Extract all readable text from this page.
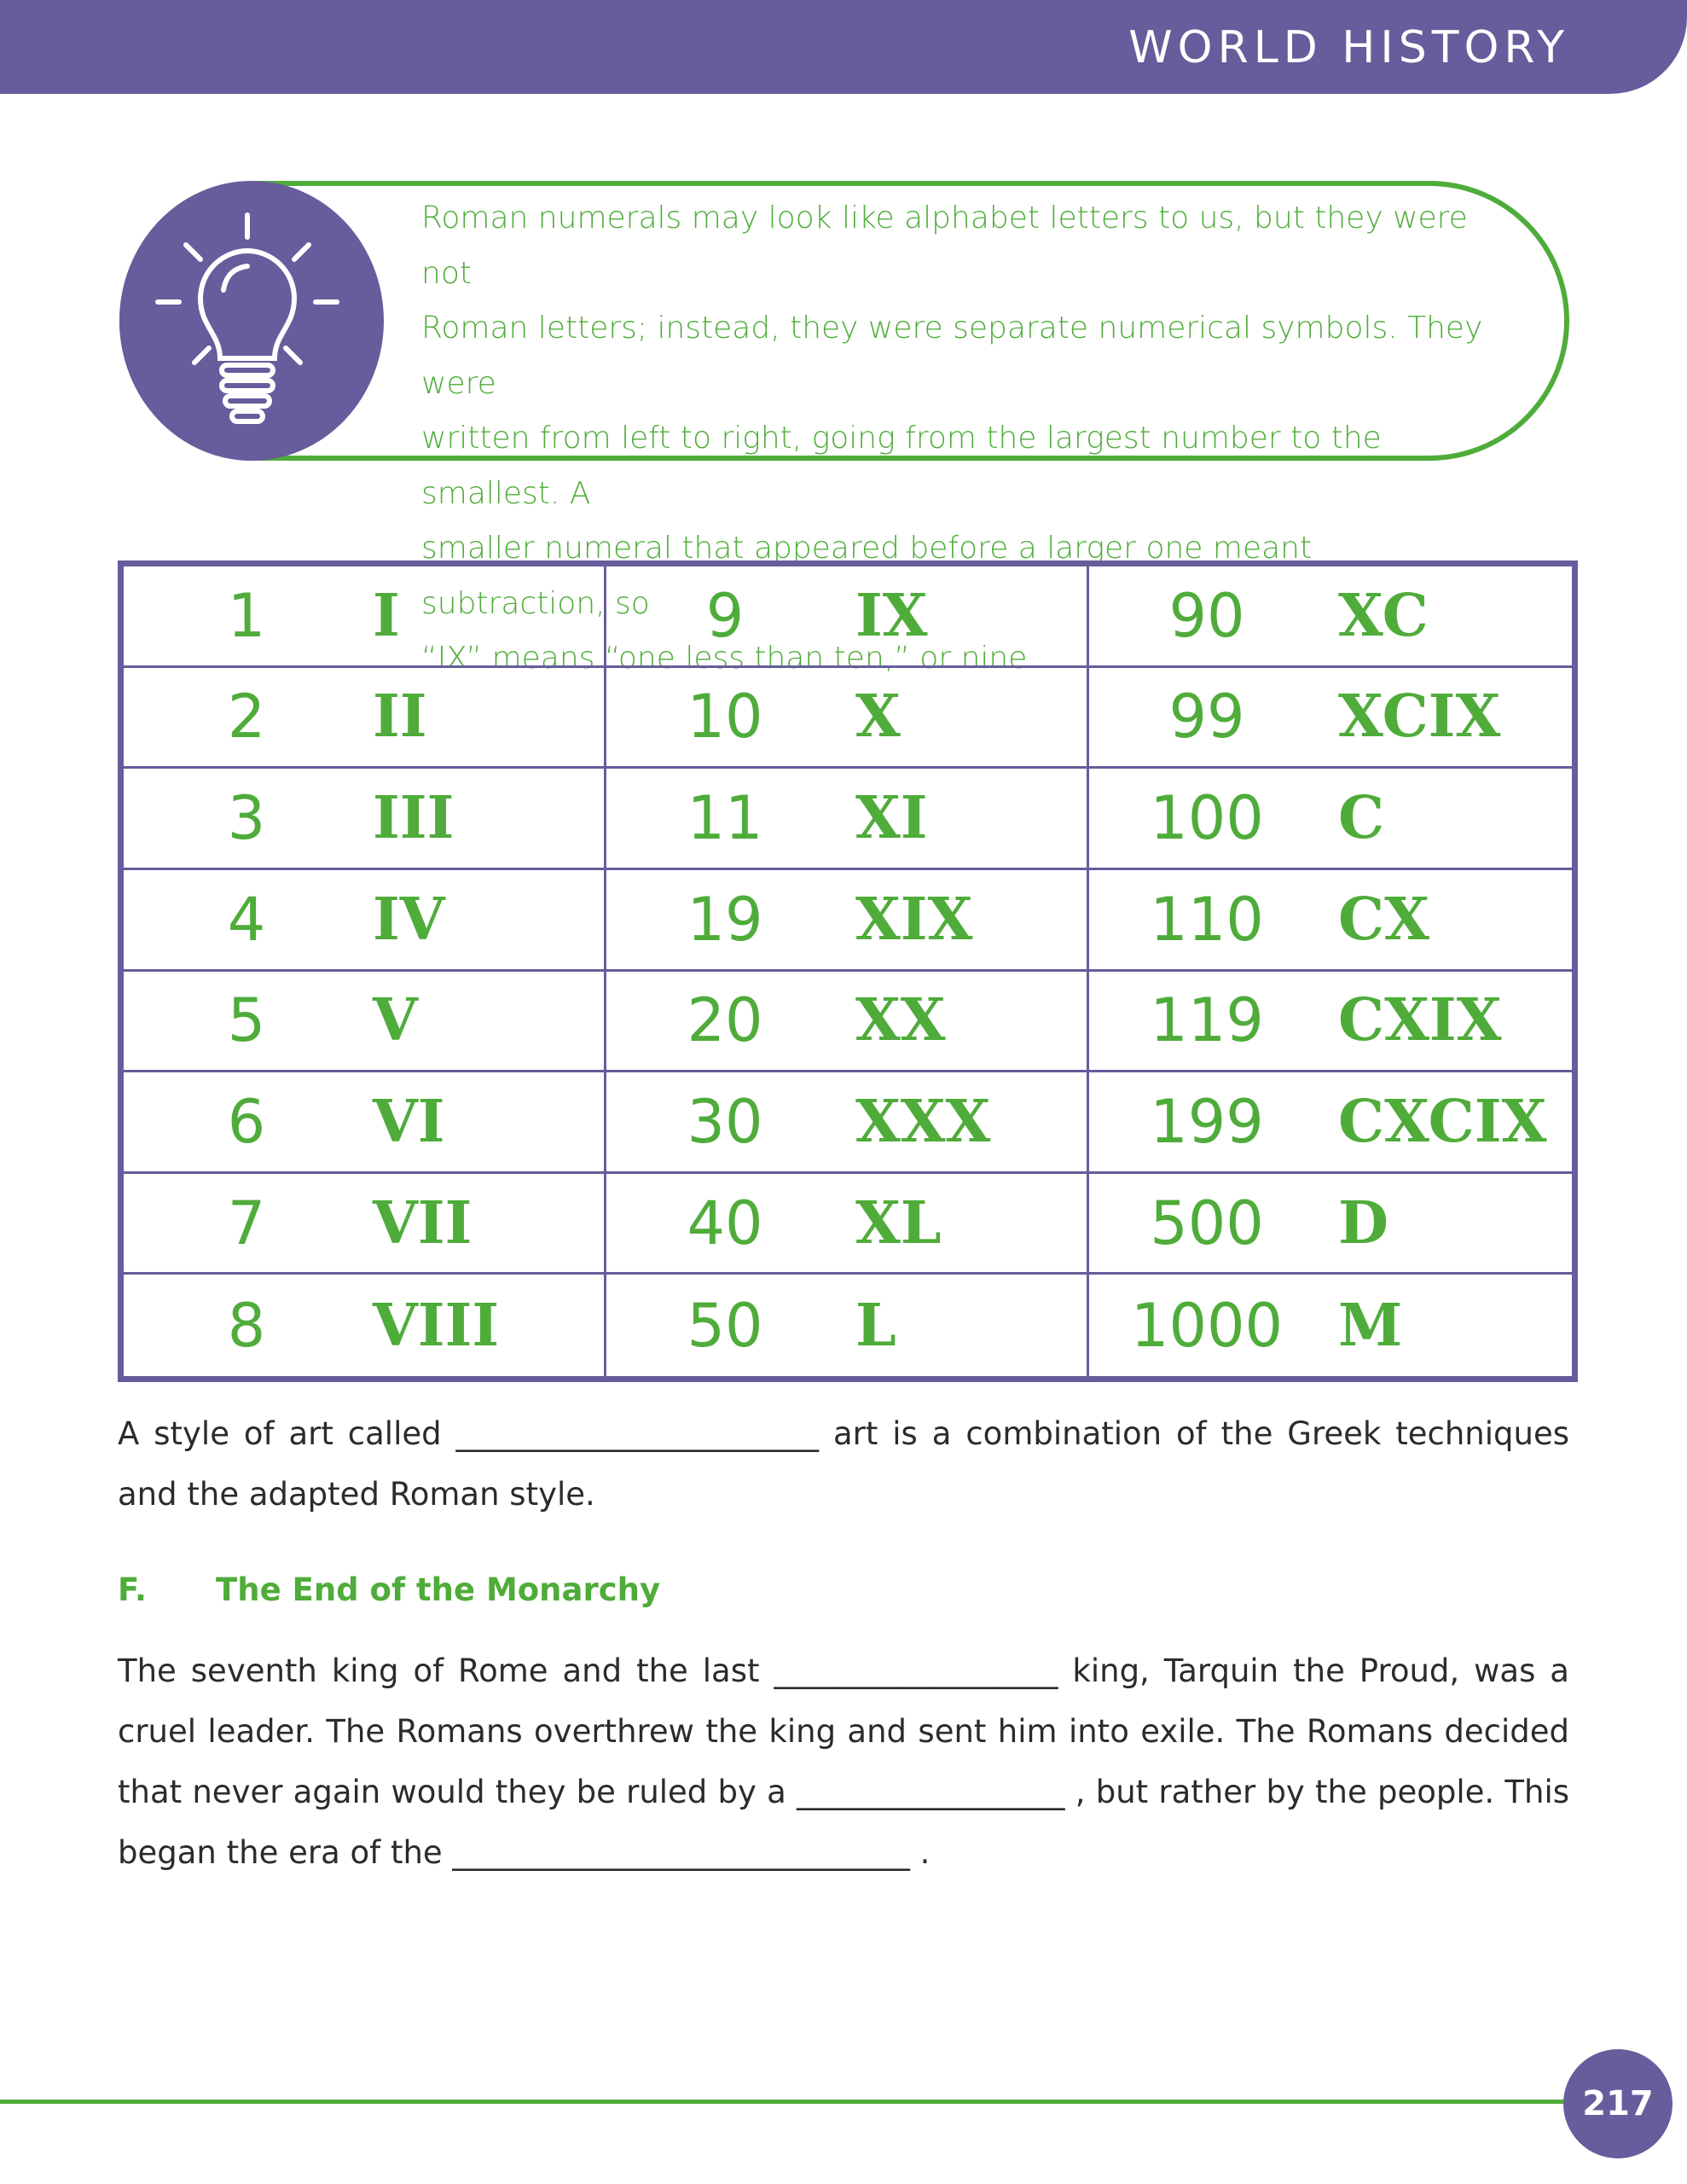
WORLD HISTORY
Roman numerals may look like alphabet letters to us, but they were not
Roman letters; instead, they were separate numerical symbols. They were
written from left to right, going from the largest number to the smallest. A
smaller numeral that appeared before a larger one meant subtraction, so
“IX” means “one less than ten,” or nine.
1 I	9 IX	90 XC
2 II	10 X	99 XCIX
3 III	11 XI	100 C
4 IV	19 XIX	110 CX
5 V	20 XX	119 CXIX
6 VI	30 XXX	199 CXCIX
7 VII	40 XL	500 D
8 VIII	50 L	1000 M
A style of art called _______________________ art is a combination of the Greek techniques and the adapted Roman style.
F. The End of the Monarchy
The seventh king of Rome and the last __________________ king, Tarquin the Proud, was a cruel leader. The Romans overthrew the king and sent him into exile. The Romans decided that never again would they be ruled by a _________________ , but rather by the people. This began the era of the _____________________________ .
217
